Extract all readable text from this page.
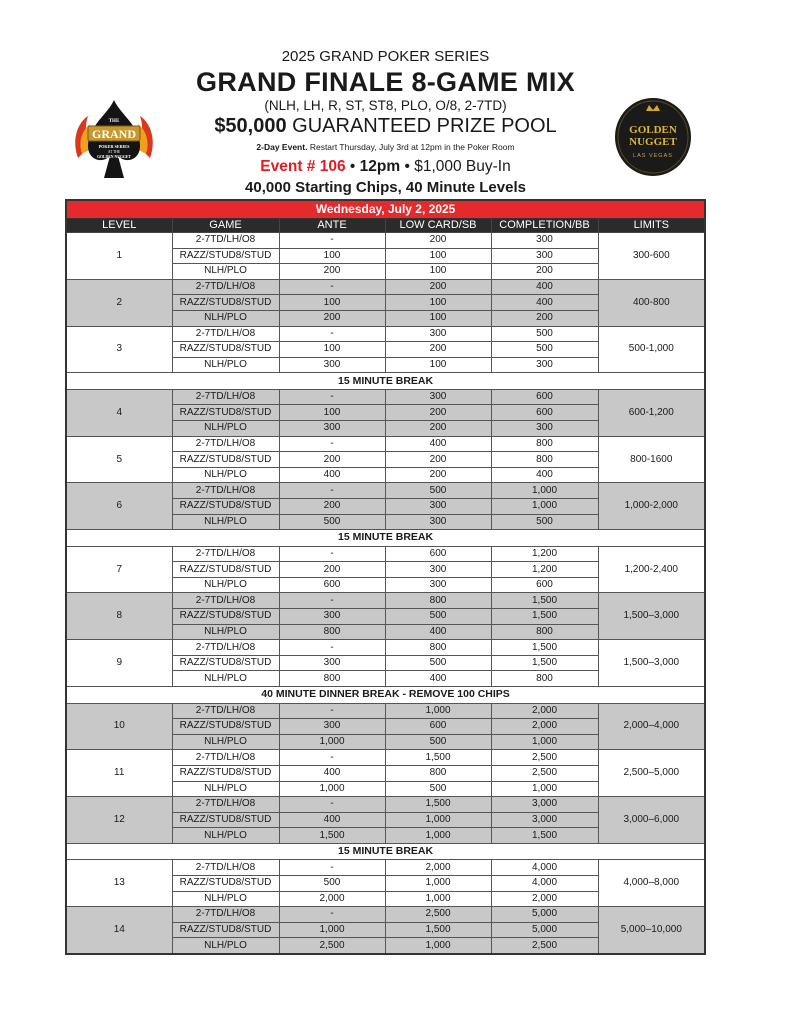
2025 GRAND POKER SERIES
GRAND FINALE 8-GAME MIX
(NLH, LH, R, ST, ST8, PLO, O/8, 2-7TD)
$50,000 GUARANTEED PRIZE POOL
2-Day Event. Restart Thursday, July 3rd at 12pm in the Poker Room
Event # 106 • 12pm • $1,000 Buy-In
40,000 Starting Chips, 40 Minute Levels
THE
GRAND
POKER SERIES
AT THE
GOLDEN NUGGET
GOLDEN
NUGGET
LAS VEGAS
Wednesday, July 2, 2025					
LEVEL	GAME	ANTE	LOW CARD/SB	COMPLETION/BB	LIMITS
1	2-7TD/LH/O8	-	200	300	300-600
	RAZZ/STUD8/STUD	100	100	300	
	NLH/PLO	200	100	200	
2	2-7TD/LH/O8	-	200	400	400-800
	RAZZ/STUD8/STUD	100	100	400	
	NLH/PLO	200	100	200	
3	2-7TD/LH/O8	-	300	500	500-1,000
	RAZZ/STUD8/STUD	100	200	500	
	NLH/PLO	300	100	300	
15 MINUTE BREAK					
4	2-7TD/LH/O8	-	300	600	600-1,200
	RAZZ/STUD8/STUD	100	200	600	
	NLH/PLO	300	200	300	
5	2-7TD/LH/O8	-	400	800	800-1600
	RAZZ/STUD8/STUD	200	200	800	
	NLH/PLO	400	200	400	
6	2-7TD/LH/O8	-	500	1,000	1,000-2,000
	RAZZ/STUD8/STUD	200	300	1,000	
	NLH/PLO	500	300	500	
15 MINUTE BREAK					
7	2-7TD/LH/O8	-	600	1,200	1,200-2,400
	RAZZ/STUD8/STUD	200	300	1,200	
	NLH/PLO	600	300	600	
8	2-7TD/LH/O8	-	800	1,500	1,500–3,000
	RAZZ/STUD8/STUD	300	500	1,500	
	NLH/PLO	800	400	800	
9	2-7TD/LH/O8	-	800	1,500	1,500–3,000
	RAZZ/STUD8/STUD	300	500	1,500	
	NLH/PLO	800	400	800	
40 MINUTE DINNER BREAK - REMOVE 100 CHIPS					
10	2-7TD/LH/O8	-	1,000	2,000	2,000–4,000
	RAZZ/STUD8/STUD	300	600	2,000	
	NLH/PLO	1,000	500	1,000	
11	2-7TD/LH/O8	-	1,500	2,500	2,500–5,000
	RAZZ/STUD8/STUD	400	800	2,500	
	NLH/PLO	1,000	500	1,000	
12	2-7TD/LH/O8	-	1,500	3,000	3,000–6,000
	RAZZ/STUD8/STUD	400	1,000	3,000	
	NLH/PLO	1,500	1,000	1,500	
15 MINUTE BREAK					
13	2-7TD/LH/O8	-	2,000	4,000	4,000–8,000
	RAZZ/STUD8/STUD	500	1,000	4,000	
	NLH/PLO	2,000	1,000	2,000	
14	2-7TD/LH/O8	-	2,500	5,000	5,000–10,000
	RAZZ/STUD8/STUD	1,000	1,500	5,000	
	NLH/PLO	2,500	1,000	2,500	
